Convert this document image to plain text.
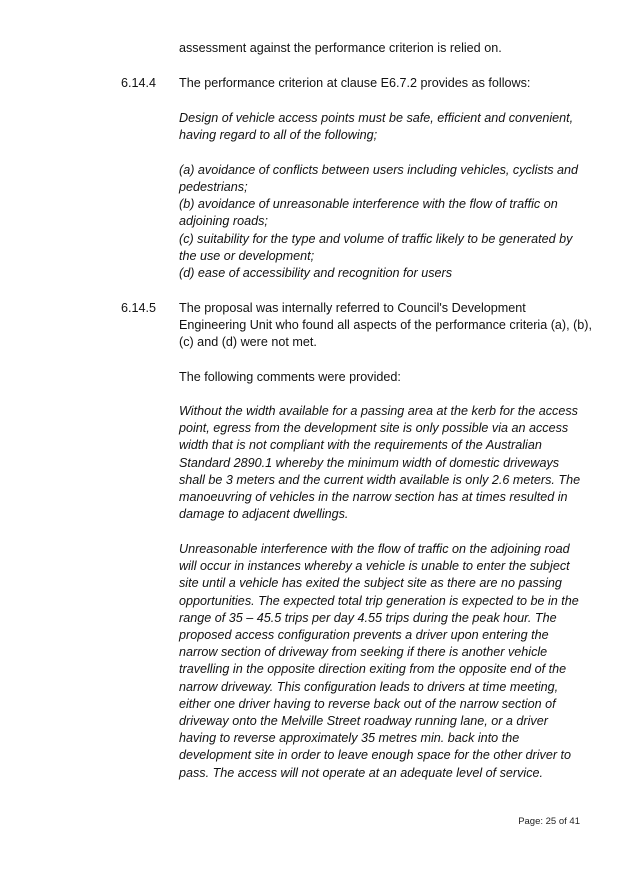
assessment against the performance criterion is relied on.
6.14.4 The performance criterion at clause E6.7.2 provides as follows:
Design of vehicle access points must be safe, efficient and convenient,
having regard to all of the following;
(a) avoidance of conflicts between users including vehicles, cyclists and
pedestrians;
(b) avoidance of unreasonable interference with the flow of traffic on
adjoining roads;
(c) suitability for the type and volume of traffic likely to be generated by
the use or development;
(d) ease of accessibility and recognition for users
6.14.5 The proposal was internally referred to Council's Development
Engineering Unit who found all aspects of the performance criteria (a), (b),
(c) and (d) were not met.
The following comments were provided:
Without the width available for a passing area at the kerb for the access
point, egress from the development site is only possible via an access
width that is not compliant with the requirements of the Australian
Standard 2890.1 whereby the minimum width of domestic driveways
shall be 3 meters and the current width available is only 2.6 meters. The
manoeuvring of vehicles in the narrow section has at times resulted in
damage to adjacent dwellings.
Unreasonable interference with the flow of traffic on the adjoining road
will occur in instances whereby a vehicle is unable to enter the subject
site until a vehicle has exited the subject site as there are no passing
opportunities. The expected total trip generation is expected to be in the
range of 35 – 45.5 trips per day 4.55 trips during the peak hour. The
proposed access configuration prevents a driver upon entering the
narrow section of driveway from seeking if there is another vehicle
travelling in the opposite direction exiting from the opposite end of the
narrow driveway. This configuration leads to drivers at time meeting,
either one driver having to reverse back out of the narrow section of
driveway onto the Melville Street roadway running lane, or a driver
having to reverse approximately 35 metres min. back into the
development site in order to leave enough space for the other driver to
pass. The access will not operate at an adequate level of service.
Page: 25 of 41
